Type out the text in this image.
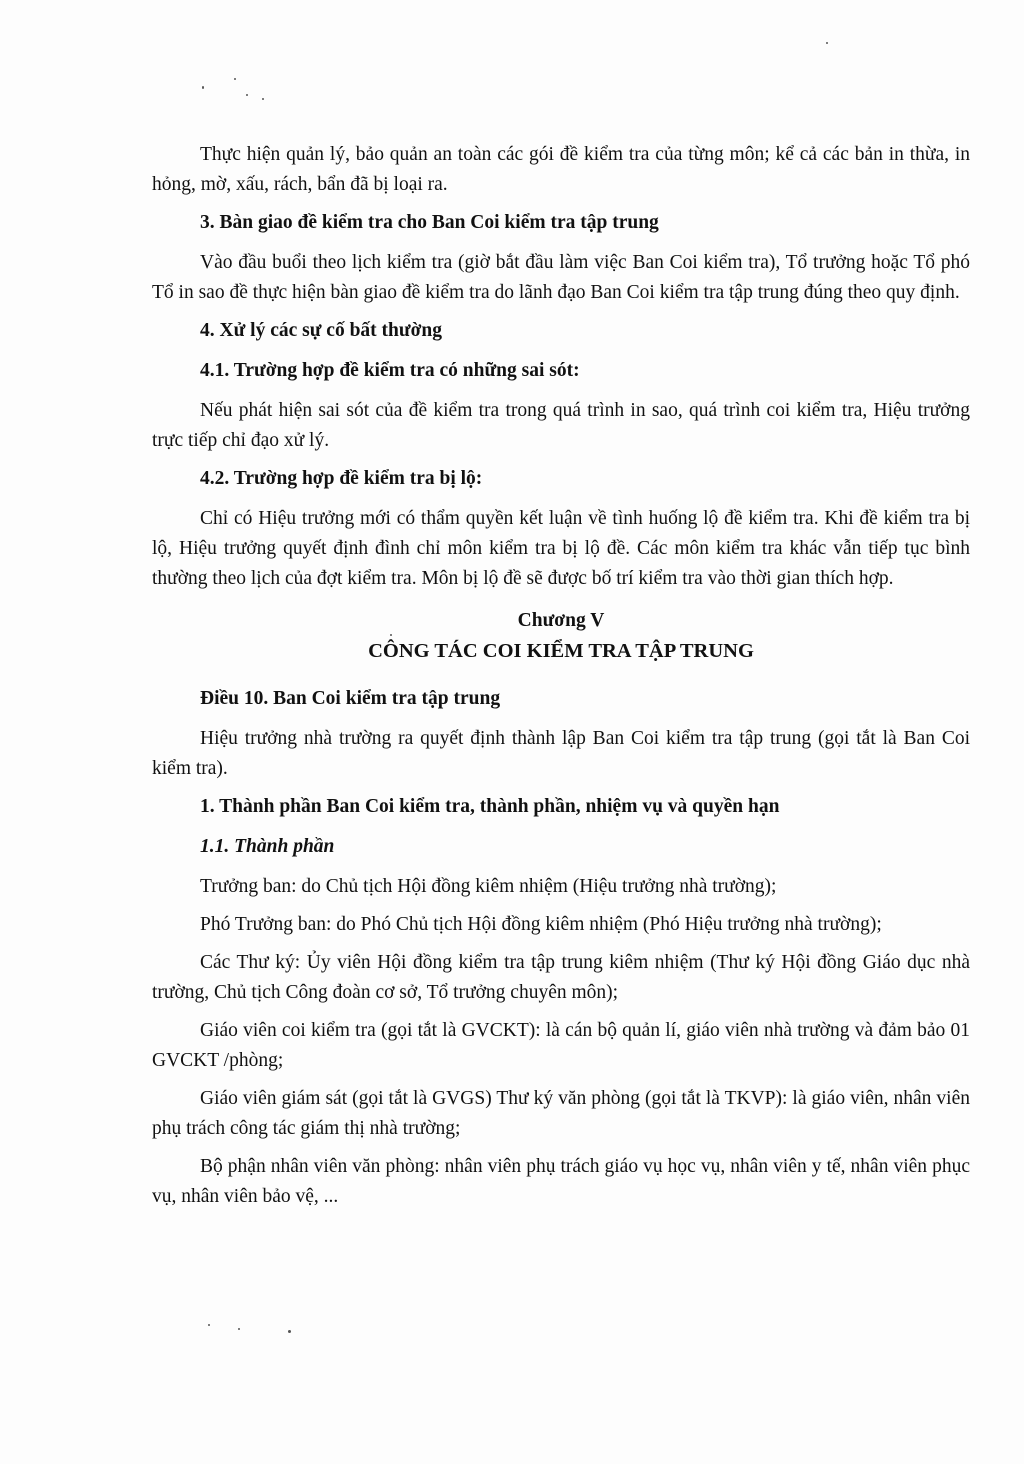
Thực hiện quản lý, bảo quản an toàn các gói đề kiểm tra của từng môn; kể cả các bản in thừa, in hỏng, mờ, xấu, rách, bẩn đã bị loại ra.

3. Bàn giao đề kiểm tra cho Ban Coi kiểm tra tập trung

Vào đầu buổi theo lịch kiểm tra (giờ bắt đầu làm việc Ban Coi kiểm tra), Tổ trưởng hoặc Tổ phó Tổ in sao đề thực hiện bàn giao đề kiểm tra do lãnh đạo Ban Coi kiểm tra tập trung đúng theo quy định.

4. Xử lý các sự cố bất thường

4.1. Trường hợp đề kiểm tra có những sai sót:

Nếu phát hiện sai sót của đề kiểm tra trong quá trình in sao, quá trình coi kiểm tra, Hiệu trưởng trực tiếp chỉ đạo xử lý.

4.2. Trường hợp đề kiểm tra bị lộ:

Chỉ có Hiệu trưởng mới có thẩm quyền kết luận về tình huống lộ đề kiểm tra. Khi đề kiểm tra bị lộ, Hiệu trưởng quyết định đình chỉ môn kiểm tra bị lộ đề. Các môn kiểm tra khác vẫn tiếp tục bình thường theo lịch của đợt kiểm tra. Môn bị lộ đề sẽ được bố trí kiểm tra vào thời gian thích hợp.

Chương V
CÔNG TÁC COI KIỂM TRA TẬP TRUNG

Điều 10. Ban Coi kiểm tra tập trung

Hiệu trưởng nhà trường ra quyết định thành lập Ban Coi kiểm tra tập trung (gọi tắt là Ban Coi kiểm tra).

1. Thành phần Ban Coi kiểm tra, thành phần, nhiệm vụ và quyền hạn

1.1. Thành phần

Trưởng ban: do Chủ tịch Hội đồng kiêm nhiệm (Hiệu trưởng nhà trường);

Phó Trưởng ban: do Phó Chủ tịch Hội đồng kiêm nhiệm (Phó Hiệu trưởng nhà trường);

Các Thư ký: Ủy viên Hội đồng kiểm tra tập trung kiêm nhiệm (Thư ký Hội đồng Giáo dục nhà trường, Chủ tịch Công đoàn cơ sở, Tổ trưởng chuyên môn);

Giáo viên coi kiểm tra (gọi tắt là GVCKT): là cán bộ quản lí, giáo viên nhà trường và đảm bảo 01 GVCKT /phòng;

Giáo viên giám sát (gọi tắt là GVGS) Thư ký văn phòng (gọi tắt là TKVP): là giáo viên, nhân viên phụ trách công tác giám thị nhà trường;

Bộ phận nhân viên văn phòng: nhân viên phụ trách giáo vụ học vụ, nhân viên y tế, nhân viên phục vụ, nhân viên bảo vệ, ...
